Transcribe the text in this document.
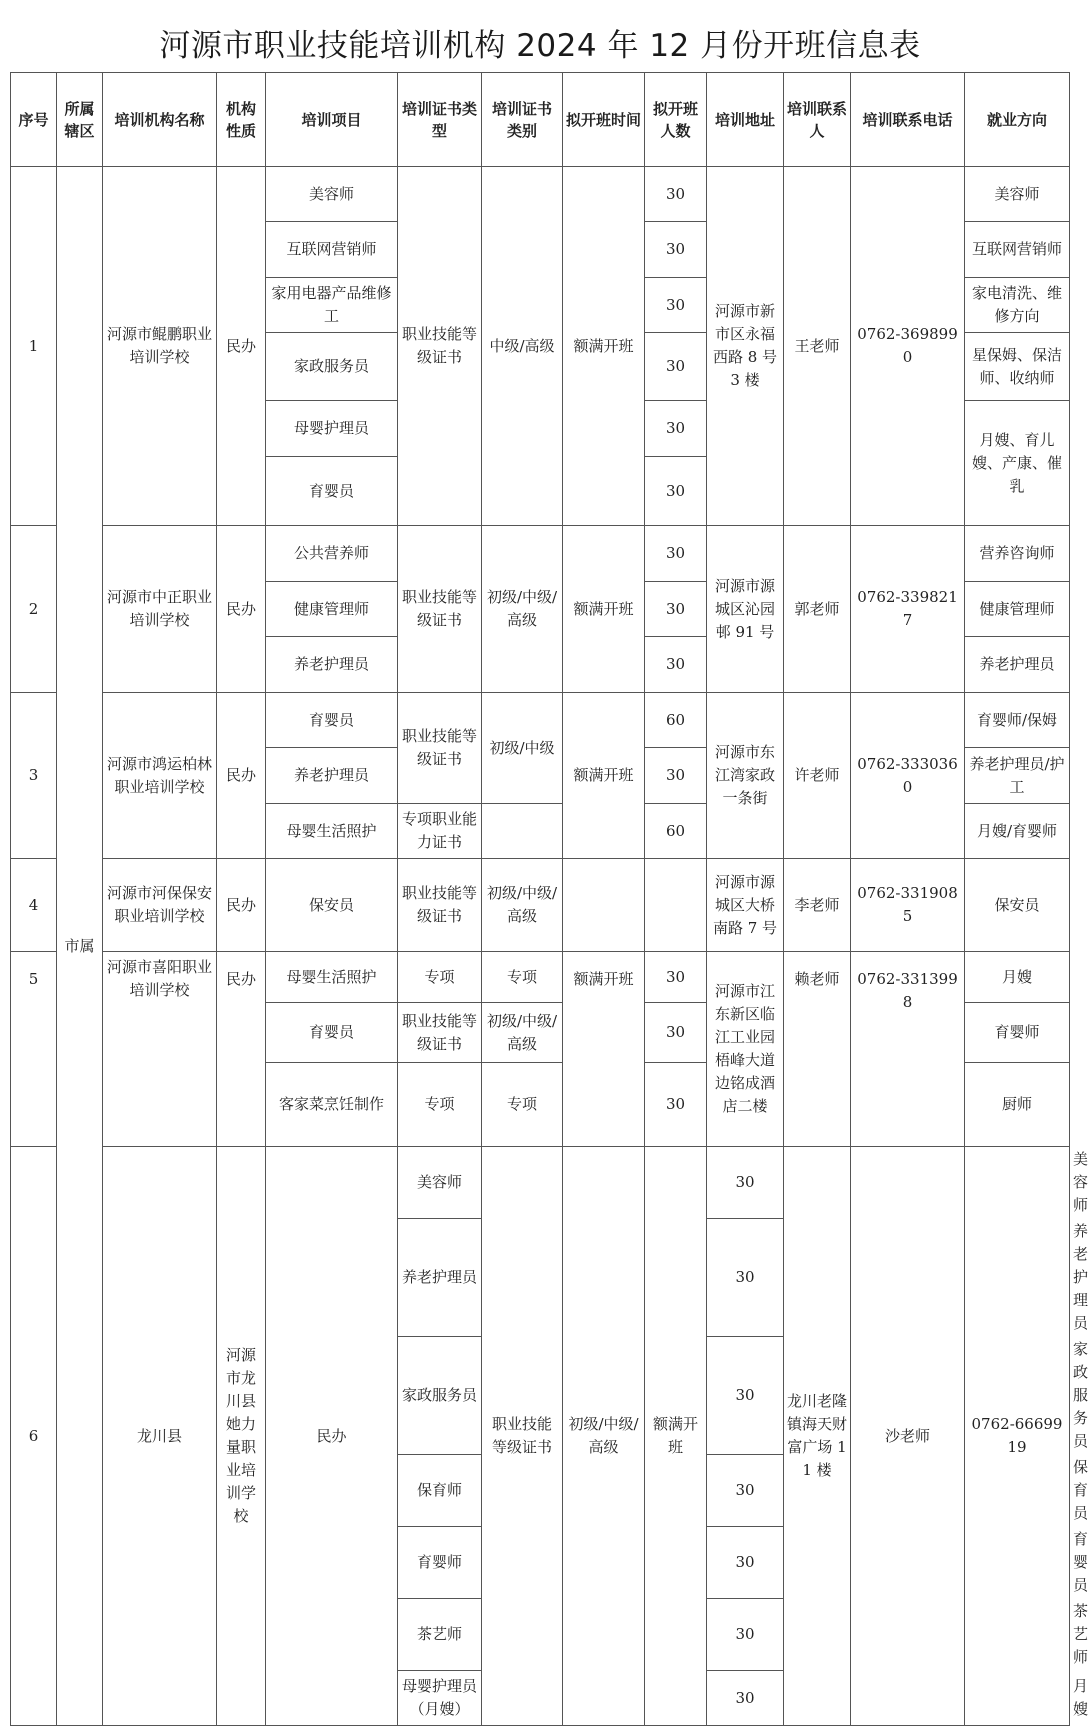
河源市职业技能培训机构 2024 年 12 月份开班信息表
序号	所属辖区	培训机构名称	机构性质	培训项目	培训证书类型	培训证书类别	拟开班时间	拟开班人数	培训地址	培训联系人	培训联系电话	就业方向	
1	市属	河源市鲲鹏职业培训学校	民办	美容师	职业技能等级证书	中级/高级	额满开班	30	河源市新市区永福西路 8 号 3 楼	王老师	0762-3698990	美容师	
				互联网营销师				30				互联网营销师	
				家用电器产品维修工				30				家电清洗、维修方向	
				家政服务员				30				星保姆、保洁师、收纳师	
				母婴护理员				30				月嫂、育儿嫂、产康、催乳	
				育婴员				30					
2		河源市中正职业培训学校	民办	公共营养师	职业技能等级证书	初级/中级/高级	额满开班	30	河源市源城区沁园邨 91 号	郭老师	0762-3398217	营养咨询师	
				健康管理师				30				健康管理师	
				养老护理员				30				养老护理员	
3		河源市鸿运柏林职业培训学校	民办	育婴员	职业技能等级证书	初级/中级	额满开班	60	河源市东江湾家政一条街	许老师	0762-3330360	育婴师/保姆	
				养老护理员				30				养老护理员/护工	
				母婴生活照护	专项职业能力证书			60				月嫂/育婴师	
4		河源市河保保安职业培训学校	民办	保安员	职业技能等级证书	初级/中级/高级			河源市源城区大桥南路 7 号	李老师	0762-3319085	保安员	
5		河源市喜阳职业培训学校	民办	母婴生活照护	专项	专项	额满开班	30	河源市江东新区临江工业园梧峰大道边铭成酒店二楼	赖老师	0762-3313998	月嫂	
				育婴员	职业技能等级证书	初级/中级/高级		30				育婴师	
				客家菜烹饪制作	专项	专项		30				厨师	
6		龙川县	河源市龙川县她力量职业培训学校	民办	美容师	职业技能等级证书	初级/中级/高级	额满开班	30	龙川老隆镇海天财富广场 11 楼	沙老师	0762-6669919	美容师
					养老护理员				30				养老护理员
					家政服务员				30				家政服务员
					保育师				30				保育员
					育婴师				30				育婴员
					茶艺师				30				茶艺师
					母婴护理员（月嫂）				30				月嫂
